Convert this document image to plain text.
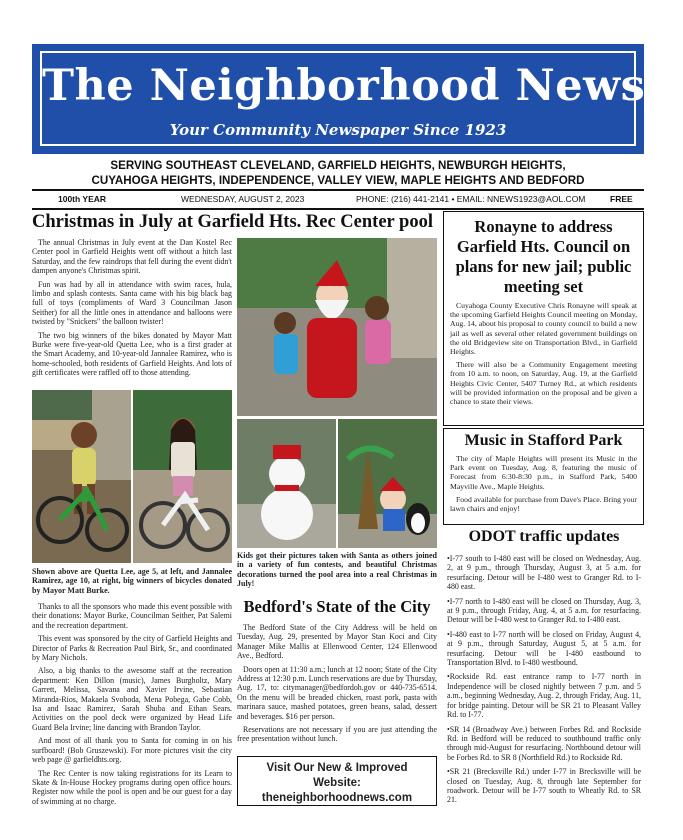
The Neighborhood News
Your Community Newspaper Since 1923
SERVING SOUTHEAST CLEVELAND, GARFIELD HEIGHTS, NEWBURGH HEIGHTS,
CUYAHOGA HEIGHTS, INDEPENDENCE, VALLEY VIEW, MAPLE HEIGHTS AND BEDFORD
100th YEAR	WEDNESDAY, AUGUST 2, 2023	PHONE: (216) 441-2141 • EMAIL: NNEWS1923@AOL.COM	FREE
Christmas in July at Garfield Hts. Rec Center pool

The annual Christmas in July event at the Dan Kostel Rec Center pool in Garfield Heights went off without a hitch last Saturday, and the few raindrops that fell during the event didn't dampen anyone's Christmas spirit.

Fun was had by all in attendance with swim races, hula, limbo and splash contests. Santa came with his big black bag full of toys (compliments of Ward 3 Councilman Jason Seither) for all the little ones in attendance and balloons were twisted by "Snickers" the balloon twister!

The two big winners of the bikes donated by Mayor Matt Burke were five-year-old Quetta Lee, who is a first grader at the Smart Academy, and 10-year-old Jannalee Ramirez, who is home-schooled, both residents of Garfield Heights. And lots of gift certificates were raffled off to those attending.

Shown above are Quetta Lee, age 5, at left, and Jannalee Ramirez, age 10, at right, big winners of bicycles donated by Mayor Matt Burke.

Thanks to all the sponsors who made this event possible with their donations: Mayor Burke, Councilman Seither, Pat Salemi and the recreation department.

This event was sponsored by the city of Garfield Heights and Director of Parks & Recreation Paul Birk, Sr., and coordinated by Mary Nichols.

Also, a big thanks to the awesome staff at the recreation department: Ken Dillon (music), James Burgholtz, Mary Garrett, Melissa, Savana and Xavier Irvine, Sebastian Miranda-Rios, Makaela Svoboda, Mena Pobega, Gabe Cobb, Isa and Isaac Ramirez, Sarah Shuba and Ethan Sears. Activities on the pool deck were organized by Head Life Guard Bela Irvine; line dancing with Brandon Taylor.

And most of all thank you to Santa for coming in on his surfboard! (Bob Gruszewski). For more pictures visit the city web page @ garfieldhts.org.

The Rec Center is now taking registrations for its Learn to Skate & In-House Hockey programs during open office hours. Register now while the pool is open and be our guest for a day of swimming at no charge.

Kids got their pictures taken with Santa as others joined in a variety of fun contests, and beautiful Christmas decorations turned the pool area into a real Christmas in July!

Bedford's State of the City

The Bedford State of the City Address will be held on Tuesday, Aug. 29, presented by Mayor Stan Koci and City Manager Mike Mallis at Ellenwood Center, 124 Ellenwood Ave., Bedford.

Doors open at 11:30 a.m.; lunch at 12 noon; State of the City Address at 12:30 p.m. Lunch reservations are due by Thursday, Aug. 17, to: citymanager@bedfordoh.gov or 440-735-6514. On the menu will be breaded chicken, roast pork, pasta with marinara sauce, mashed potatoes, green beans, salad, dessert and beverages. $16 per person.

Reservations are not necessary if you are just attending the free presentation without lunch.

Visit Our New & Improved
Website:
theneighborhoodnews.com
Ronayne to address Garfield Hts. Council on plans for new jail; public meeting set

Cuyahoga County Executive Chris Ronayne will speak at the upcoming Garfield Heights Council meeting on Monday, Aug. 14, about his proposal to county council to build a new jail as well as several other related government buildings on the old Bridgeview site on Transportation Blvd., in Garfield Heights.

There will also be a Community Engagement meeting from 10 a.m. to noon, on Saturday, Aug. 19, at the Garfield Heights Civic Center, 5407 Turney Rd., at which residents will be provided information on the proposal and be given a chance to state their views.

Music in Stafford Park

The city of Maple Heights will present its Music in the Park event on Tuesday, Aug. 8, featuring the music of Forecast from 6:30-8:30 p.m., in Stafford Park, 5400 Mayville Ave., Maple Heights.

Food available for purchase from Dave's Place. Bring your lawn chairs and enjoy!

ODOT traffic updates

•I-77 south to I-480 east will be closed on Wednesday, Aug. 2, at 9 p.m., through Thursday, August 3, at 5 a.m. for resurfacing. Detour will be I-480 west to Granger Rd. to I-480 east.

•I-77 north to I-480 east will be closed on Thursday, Aug. 3, at 9 p.m., through Friday, Aug. 4, at 5 a.m. for resurfacing. Detour will be I-480 west to Granger Rd. to I-480 east.

•I-480 east to I-77 north will be closed on Friday, August 4, at 9 p.m., through Saturday, August 5, at 5 a.m. for resurfacing. Detour will be I-480 eastbound to Transportation Blvd. to I-480 westbound.

•Rockside Rd. east entrance ramp to I-77 north in Independence will be closed nightly between 7 p.m. and 5 a.m., beginning Wednesday, Aug. 2, through Friday, Aug. 11, for bridge painting. Detour will be SR 21 to Pleasant Valley Rd. to I-77.

•SR 14 (Broadway Ave.) between Forbes Rd. and Rockside Rd. in Bedford will be reduced to southbound traffic only through mid-August for resurfacing. Northbound detour will be Forbes Rd. to SR 8 (Northfield Rd.) to Rockside Rd.

•SR 21 (Brecksville Rd.) under I-77 in Brecksville will be closed on Tuesday, Aug. 8, through late September for roadwork. Detour will be I-77 south to Wheatly Rd. to SR 21.
